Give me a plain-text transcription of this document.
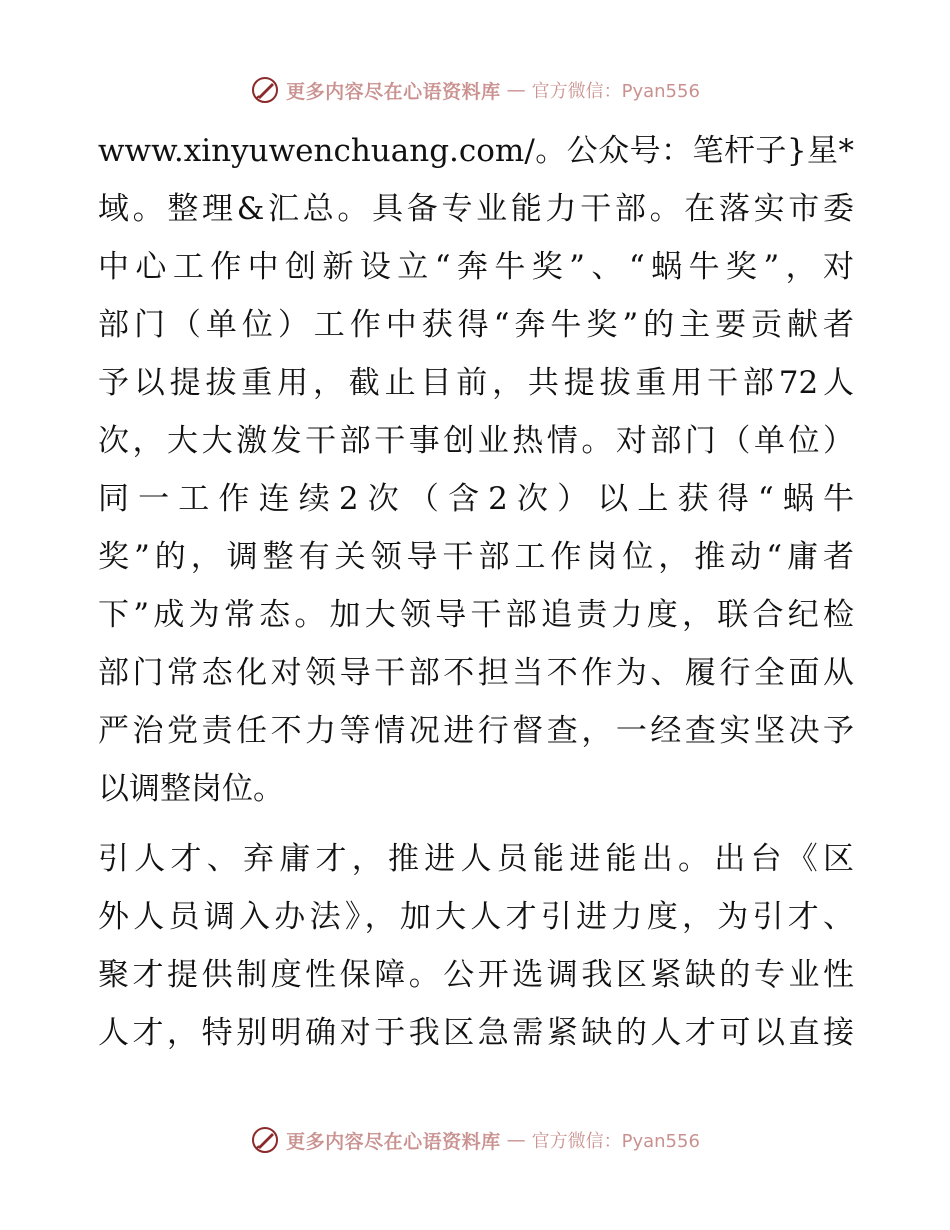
更多内容尽在心语资料库 — 官方微信：Pyan556
www.xinyuwenchuang.com/。公众号：笔杆子}星*
域。整理&汇总。具备专业能力干部。在落实市委
中心工作中创新设立“奔牛奖”、“蜗牛奖”，对
部门（单位）工作中获得“奔牛奖”的主要贡献者
予以提拔重用，截止目前，共提拔重用干部72人
次，大大激发干部干事创业热情。对部门（单位）
同一工作连续2次（含2次）以上获得“蜗牛
奖”的，调整有关领导干部工作岗位，推动“庸者
下”成为常态。加大领导干部追责力度，联合纪检
部门常态化对领导干部不担当不作为、履行全面从
严治党责任不力等情况进行督查，一经查实坚决予
以调整岗位。
引人才、弃庸才，推进人员能进能出。出台《区
外人员调入办法》，加大人才引进力度，为引才、
聚才提供制度性保障。公开选调我区紧缺的专业性
人才，特别明确对于我区急需紧缺的人才可以直接
更多内容尽在心语资料库 — 官方微信：Pyan556
